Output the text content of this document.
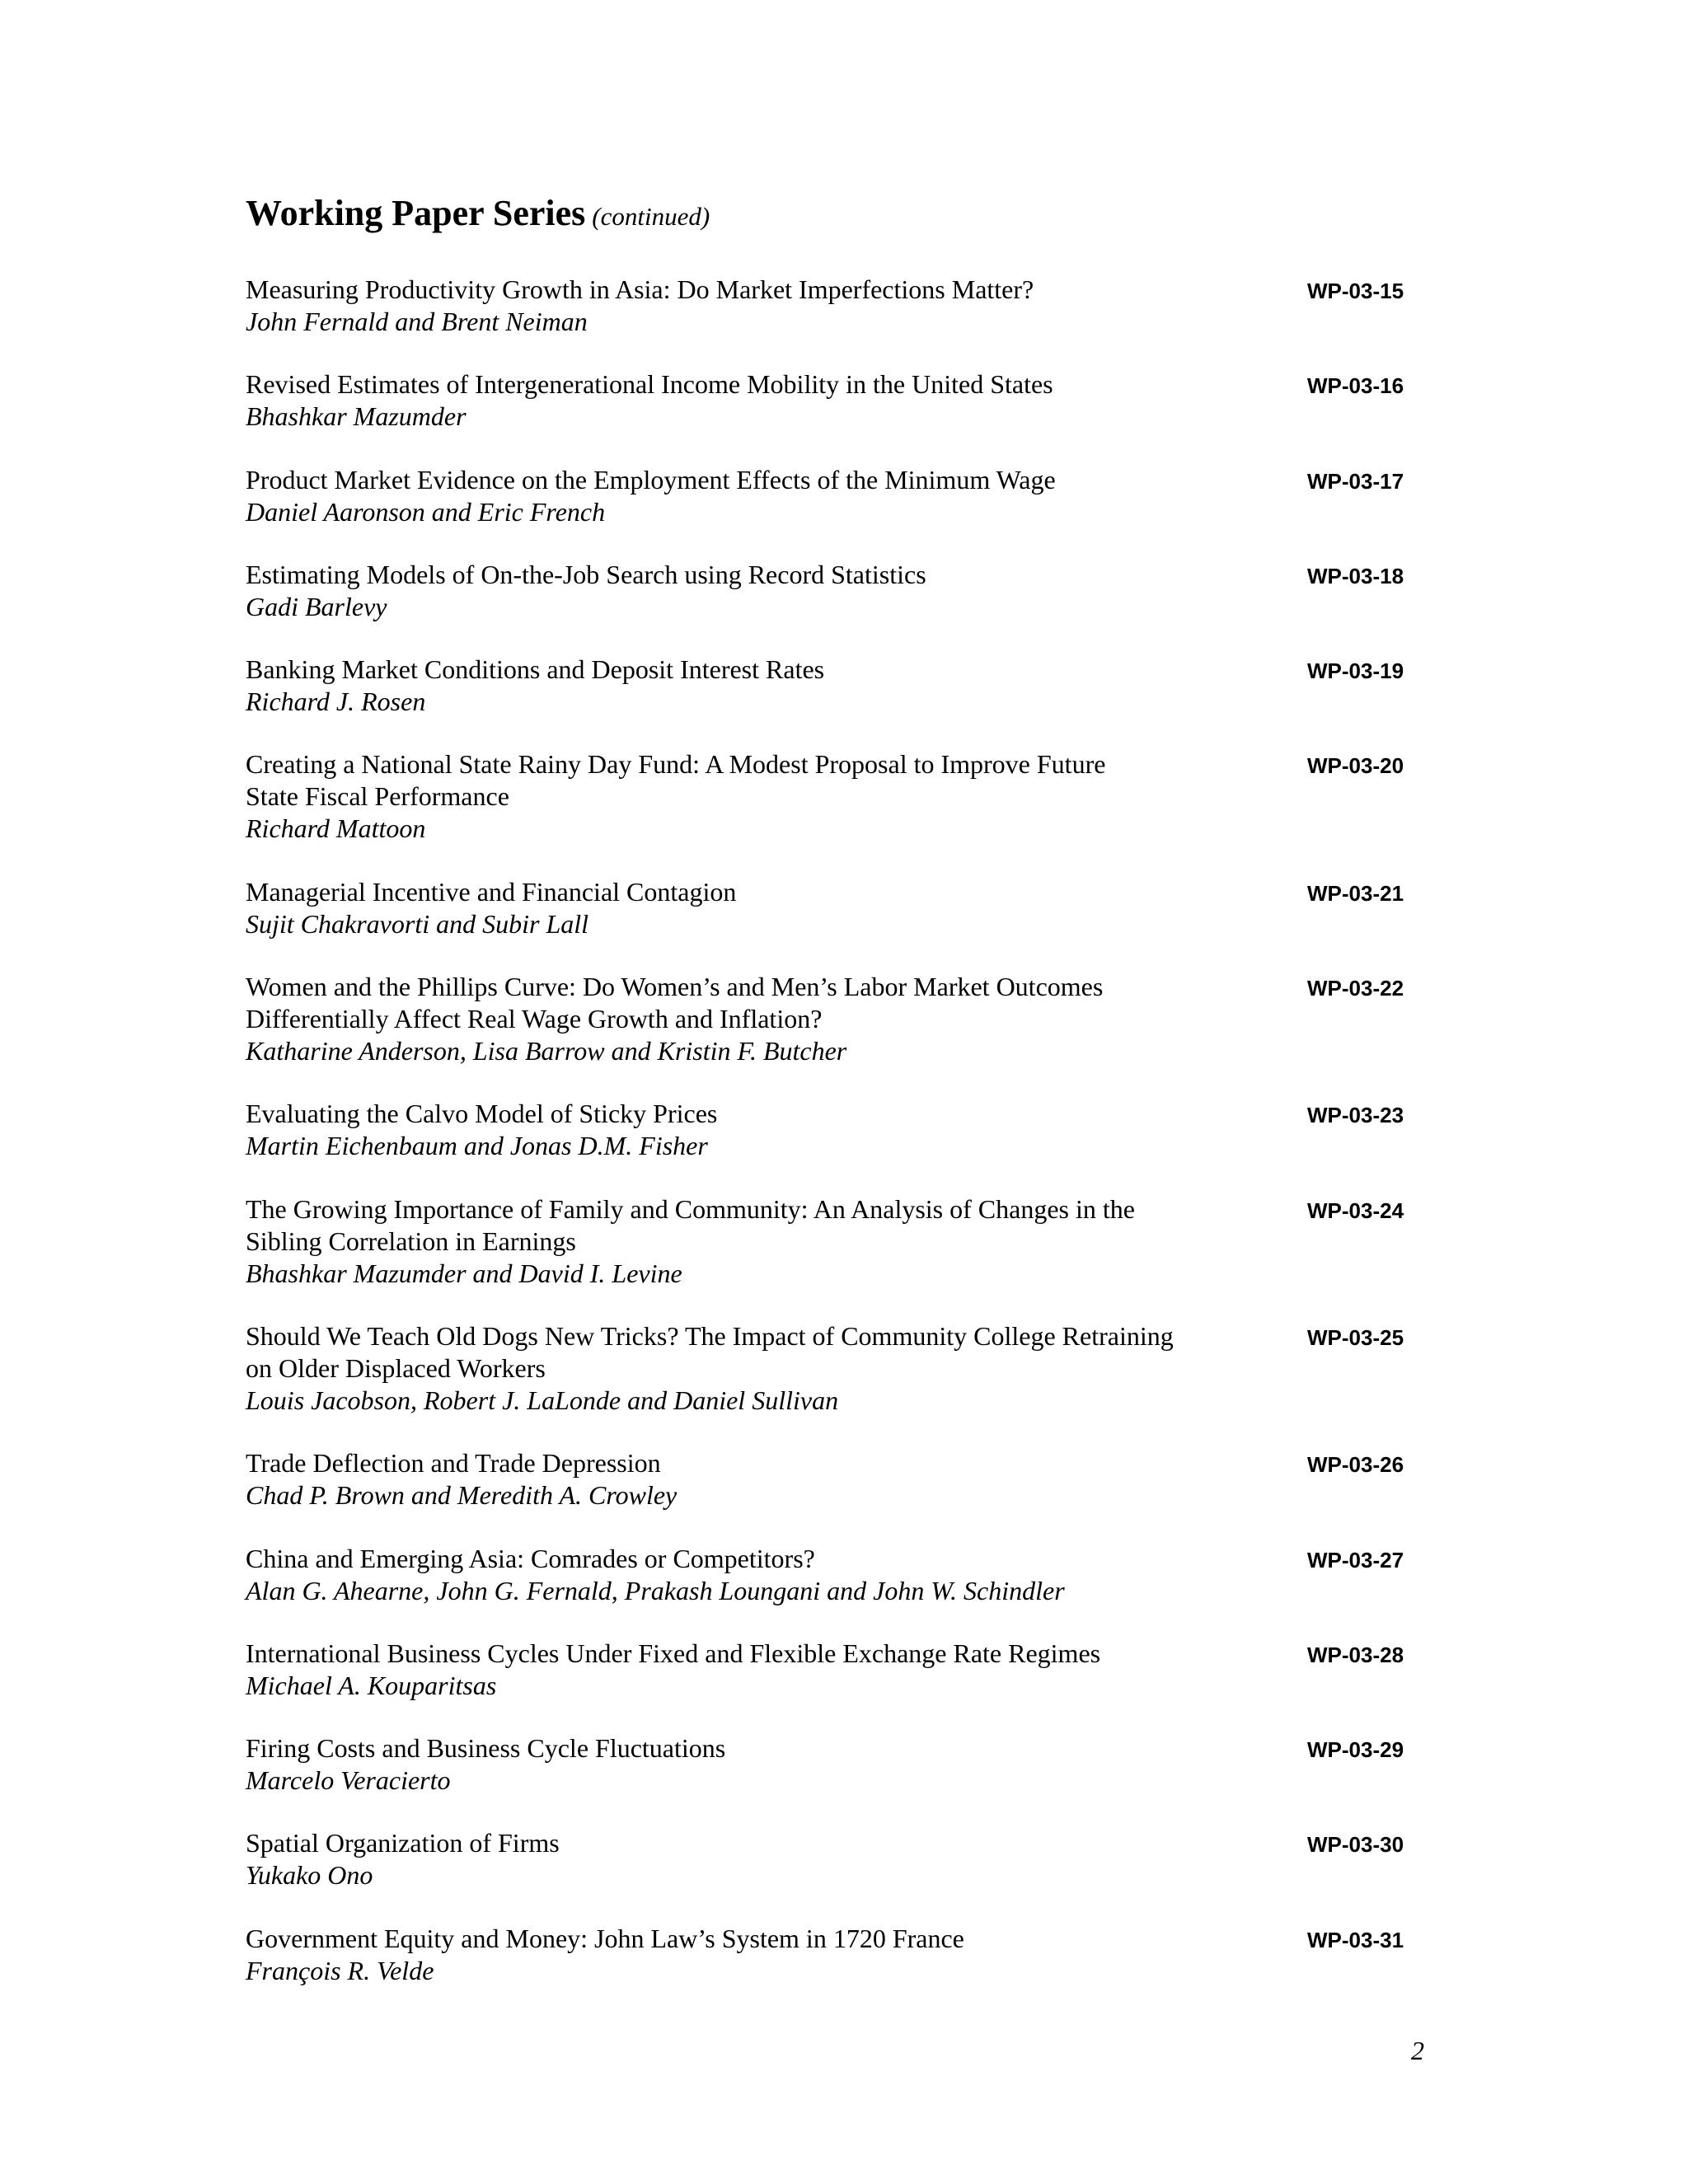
Working Paper Series (continued)
Measuring Productivity Growth in Asia: Do Market Imperfections Matter?
John Fernald and Brent Neiman
WP-03-15
Revised Estimates of Intergenerational Income Mobility in the United States
Bhashkar Mazumder
WP-03-16
Product Market Evidence on the Employment Effects of the Minimum Wage
Daniel Aaronson and Eric French
WP-03-17
Estimating Models of On-the-Job Search using Record Statistics
Gadi Barlevy
WP-03-18
Banking Market Conditions and Deposit Interest Rates
Richard J. Rosen
WP-03-19
Creating a National State Rainy Day Fund: A Modest Proposal to Improve Future
State Fiscal Performance
Richard Mattoon
WP-03-20
Managerial Incentive and Financial Contagion
Sujit Chakravorti and Subir Lall
WP-03-21
Women and the Phillips Curve: Do Women’s and Men’s Labor Market Outcomes
Differentially Affect Real Wage Growth and Inflation?
Katharine Anderson, Lisa Barrow and Kristin F. Butcher
WP-03-22
Evaluating the Calvo Model of Sticky Prices
Martin Eichenbaum and Jonas D.M. Fisher
WP-03-23
The Growing Importance of Family and Community: An Analysis of Changes in the
Sibling Correlation in Earnings
Bhashkar Mazumder and David I. Levine
WP-03-24
Should We Teach Old Dogs New Tricks? The Impact of Community College Retraining
on Older Displaced Workers
Louis Jacobson, Robert J. LaLonde and Daniel Sullivan
WP-03-25
Trade Deflection and Trade Depression
Chad P. Brown and Meredith A. Crowley
WP-03-26
China and Emerging Asia: Comrades or Competitors?
Alan G. Ahearne, John G. Fernald, Prakash Loungani and John W. Schindler
WP-03-27
International Business Cycles Under Fixed and Flexible Exchange Rate Regimes
Michael A. Kouparitsas
WP-03-28
Firing Costs and Business Cycle Fluctuations
Marcelo Veracierto
WP-03-29
Spatial Organization of Firms
Yukako Ono
WP-03-30
Government Equity and Money: John Law’s System in 1720 France
François R. Velde
WP-03-31
2
